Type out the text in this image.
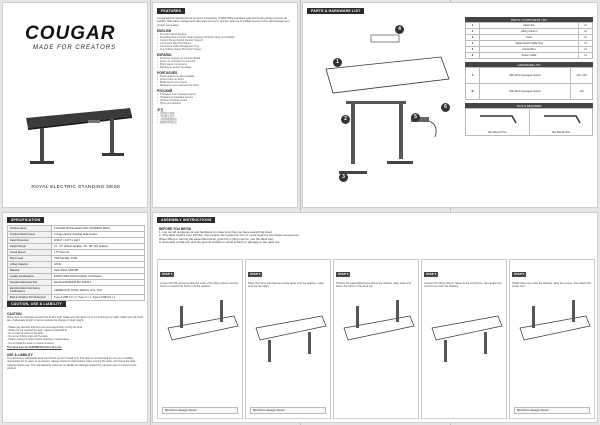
COUGAR
MADE FOR CREATORS
ROYAL ELECTRIC STANDING DESK
FEATURES

Cougar Electric Standing Desk removes outstanding 75x60x150kg saturated solid and lengthy design ensures all stability. With cable management clips and cord cover, and the desk top of multiple layouts of the stand designing to protect your power.

ENGLISH
• Premium Stylish Desktop
• Smoothly Keep to Finish Height Capacity, Minimize Noisy and Stability
• Custom Preset Control Memory Support
• Convenient Side Push Button
• Convenient Cable Management Tray
• Anti-Collision Safety Protection System
ESPAÑOL
• Escritorio elegante de primera calidad
• Ajuste de velocidad con memoria
• Botón lateral conveniente
• Bandeja de gestión de cables
PORTUGUÊS
• Mesa elegante de alta qualidade
• Ajuste suave de altura
• Botão lateral conveniente
• Bandeja de gerenciamento de cabos
РУССКИЙ
• Стильный стол премиум-класса
• Плавная регулировка высоты
• Удобная боковая кнопка
• Лоток для кабелей
中文
• 高级时尚桌面
• 平稳调节高度
• 方便的侧面按钮
• 便捷的理线托盘
PARTS & HARDWARE LIST
4
1
2	5
6
3
PARTS / COMPONENT LIST
1	Desk Top	x1
2	Lifting Column	x2
3	Foot	x2
4	Cable Clutch Cable Tray	x1
5	Control Box	x1
6	Power Cable	x1
HARDWARE LIST
A	M6×10mm Hexagon Screw	x14 / x16
B	M4×16mm Hexagon Screw	x12
TOOLS REQUIRED
Hex Wrench Tool	Hex Wrench Tool
SPECIFICATION
Product Name	COUGAR ROYAL ELECTRIC STANDING DESK
Product Model Frame	2-stage electric standing desk system
Desk Dimension	W1417 × L677 × H117
Height Range	27 - 47" without desktop / 28 - 48" with desktop
Travel Speed	1.57"/second
Motor Load	75W Standby: 0.5W
Lifting Capacity	100 lb
Material	Steel Metal, MDF/PB
Quality Certifications	EN/ISO 9001:2015 Durability Certification
Standard Electrical Test	Electrical EN60335 IEC 60335-1
Electrical Electrical Safety Certifications	CE/EMC/LVD, ROHS, REACH, ETL, FCC
Built-in Desktop Port Extension	Type-A USB 3.0 × 2, Type-C × 1, Type-A USB 3.0 × 1
CAUTION, USE & LIABILITY
CAUTION

Make sure no obstacles prevent the desk's path. Make sure the desk top is not touching any walls. Make sure all cords are of adequate length to accommodate the change in desk height.

- Please pay attention that there are hard edges when moving the desk.
- Please do not overload the desk, maximum load 100 lb.
- Do not lean or climb on the desk.
- Do not let children play with the desk.
- Please unplug the power before cleaning or maintenance.
- Do not install the desk on uneven surfaces.
This desk must be ASSEMBLED before first use.
USE & LIABILITY

This accessory adjustable desk has limited control of load only. The desk is not intended for any use or liability responsible for its users or its owners. Always check for obstructions when moving the desk, and check the load capacity before use. The manufacturer assumes no liability for damage caused by improper use or misuse of this product.

ASSEMBLY INSTRUCTIONS
BEFORE YOU BEGIN
1. Lay out all components and hardware to make sure that you have everything listed.
2. This desk weighs over 100 lbs. Two people are needed to turn or move desk top and desk components.
When lifting or turning the assembled desk, grab it by Lifting column (not the desk top).
3. Assemble on flat soft and dry ground surface to avoid scratch or damage to the desk top.
STEP 1

Loosen the M6 screws to slide the ends of the lifting column and the frame to expand the frame to fit the desktop.

M6×10mm Hexagon Screw
STEP 2

Place the frame with the feet upside down onto the desktop, make sure the feet align.

M6×16mm Hexagon Screw
STEP 3

Position the assembled frame above the desktop, align holes and fasten the frame to the desk top.

STEP 4

Connect the lifting column cables to the control box, then attach the control box under the desktop.

STEP 5

Install cable tray under the desktop using the screws, then attach the power cord.

M6×16mm Hexagon Screw
